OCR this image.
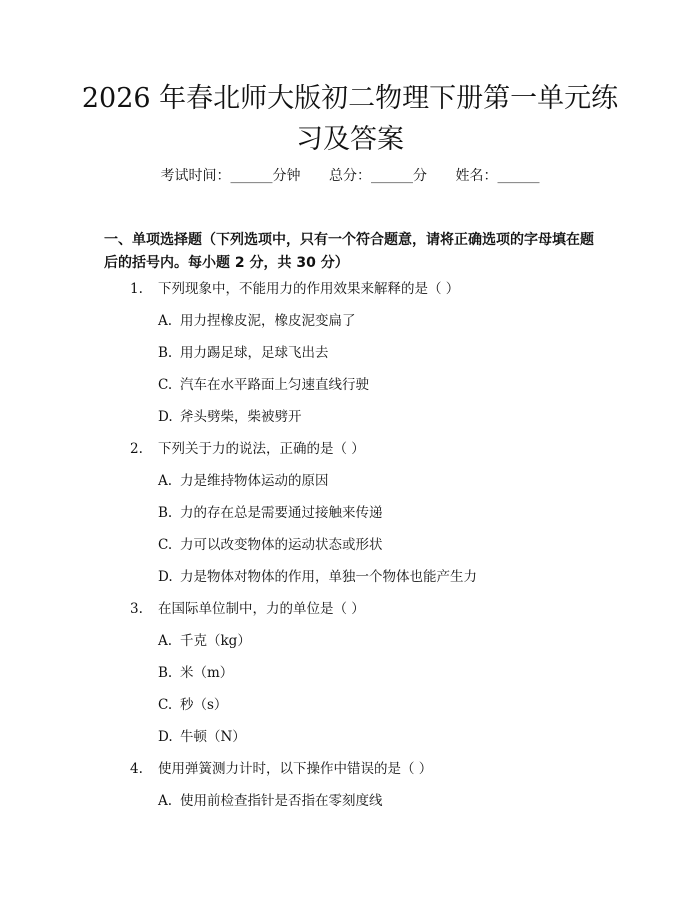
2026 年春北师大版初二物理下册第一单元练习及答案
考试时间：______分钟 总分：______分 姓名：______

一、单项选择题（下列选项中，只有一个符合题意，请将正确选项的字母填在题后的括号内。每小题 2 分，共 30 分）

1.	下列现象中，不能用力的作用效果来解释的是（ ）
A. 用力捏橡皮泥，橡皮泥变扁了
B. 用力踢足球，足球飞出去
C. 汽车在水平路面上匀速直线行驶
D. 斧头劈柴，柴被劈开
2.	下列关于力的说法，正确的是（ ）
A. 力是维持物体运动的原因
B. 力的存在总是需要通过接触来传递
C. 力可以改变物体的运动状态或形状
D. 力是物体对物体的作用，单独一个物体也能产生力
3.	在国际单位制中，力的单位是（ ）
A. 千克（kg）
B. 米（m）
C. 秒（s）
D. 牛顿（N）
4.	使用弹簧测力计时，以下操作中错误的是（ ）
A. 使用前检查指针是否指在零刻度线
